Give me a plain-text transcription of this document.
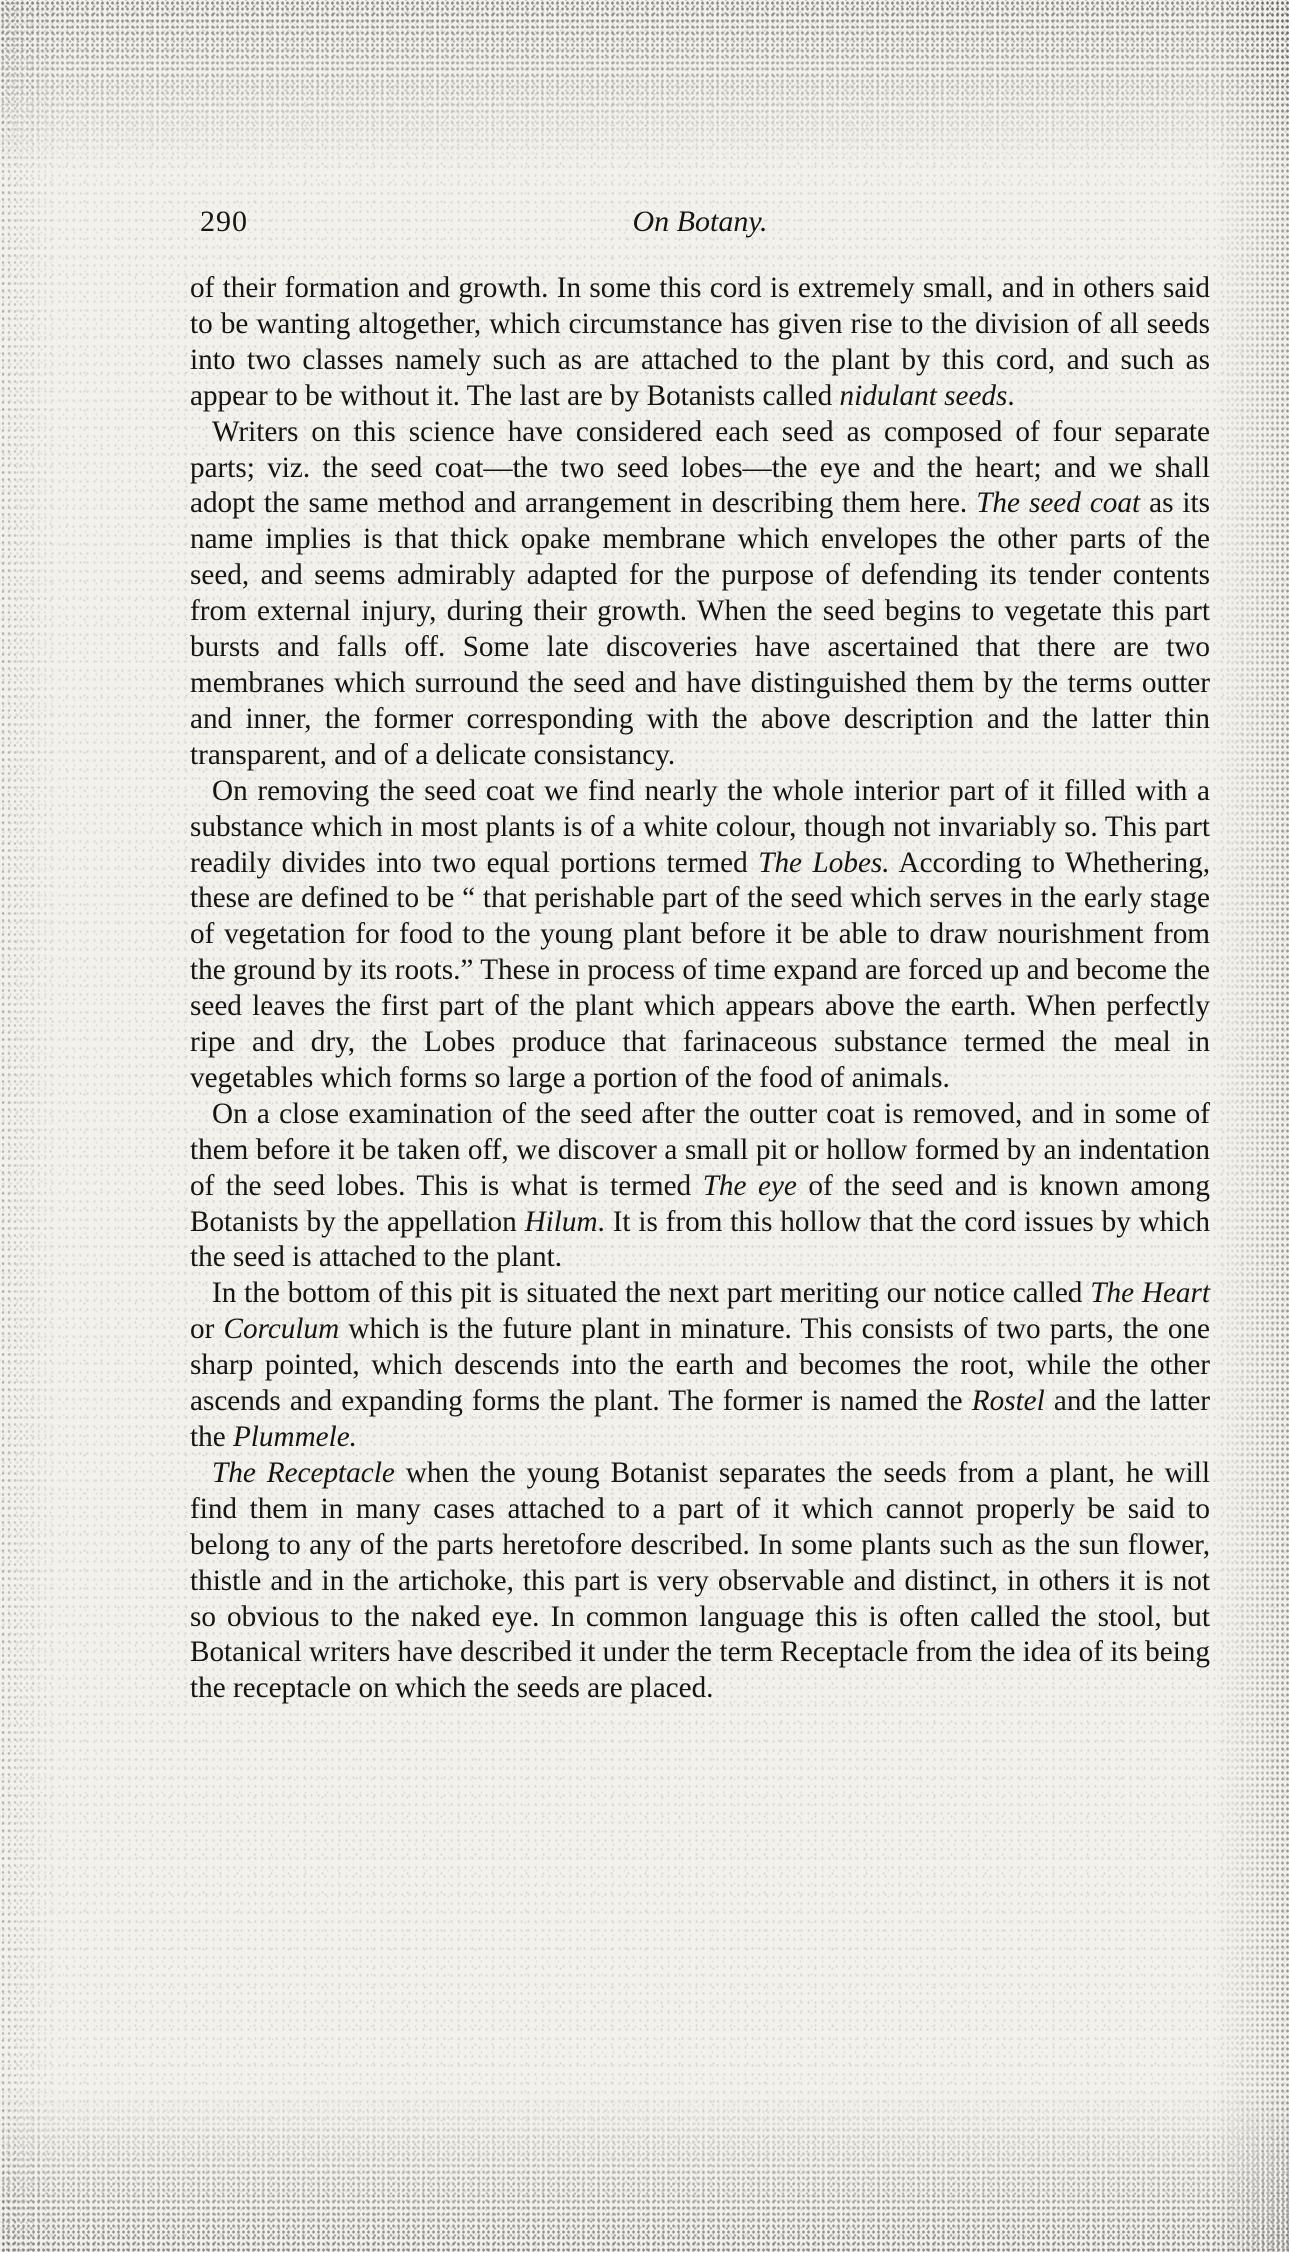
290	On Botany.

of their formation and growth. In some this cord is extremely small, and in others said to be wanting altogether, which circumstance has given rise to the division of all seeds into two classes namely such as are attached to the plant by this cord, and such as appear to be without it. The last are by Botanists called nidulant seeds.

Writers on this science have considered each seed as composed of four separate parts; viz. the seed coat—the two seed lobes—the eye and the heart; and we shall adopt the same method and arrangement in describing them here. The seed coat as its name implies is that thick opake membrane which envelopes the other parts of the seed, and seems admirably adapted for the purpose of defending its tender contents from external injury, during their growth. When the seed begins to vegetate this part bursts and falls off. Some late discoveries have ascertained that there are two membranes which surround the seed and have distinguished them by the terms outter and inner, the former corresponding with the above description and the latter thin transparent, and of a delicate consistancy.

On removing the seed coat we find nearly the whole interior part of it filled with a substance which in most plants is of a white colour, though not invariably so. This part readily divides into two equal portions termed The Lobes. According to Whethering, these are defined to be “ that perishable part of the seed which serves in the early stage of vegetation for food to the young plant before it be able to draw nourishment from the ground by its roots.” These in process of time expand are forced up and become the seed leaves the first part of the plant which appears above the earth. When perfectly ripe and dry, the Lobes produce that farinaceous substance termed the meal in vegetables which forms so large a portion of the food of animals.

On a close examination of the seed after the outter coat is removed, and in some of them before it be taken off, we discover a small pit or hollow formed by an indentation of the seed lobes. This is what is termed The eye of the seed and is known among Botanists by the appellation Hilum. It is from this hollow that the cord issues by which the seed is attached to the plant.

In the bottom of this pit is situated the next part meriting our notice called The Heart or Corculum which is the future plant in minature. This consists of two parts, the one sharp pointed, which descends into the earth and becomes the root, while the other ascends and expanding forms the plant. The former is named the Rostel and the latter the Plummele.

The Receptacle when the young Botanist separates the seeds from a plant, he will find them in many cases attached to a part of it which cannot properly be said to belong to any of the parts heretofore described. In some plants such as the sun flower, thistle and in the artichoke, this part is very observable and distinct, in others it is not so obvious to the naked eye. In common language this is often called the stool, but Botanical writers have described it under the term Receptacle from the idea of its being the receptacle on which the seeds are placed.
